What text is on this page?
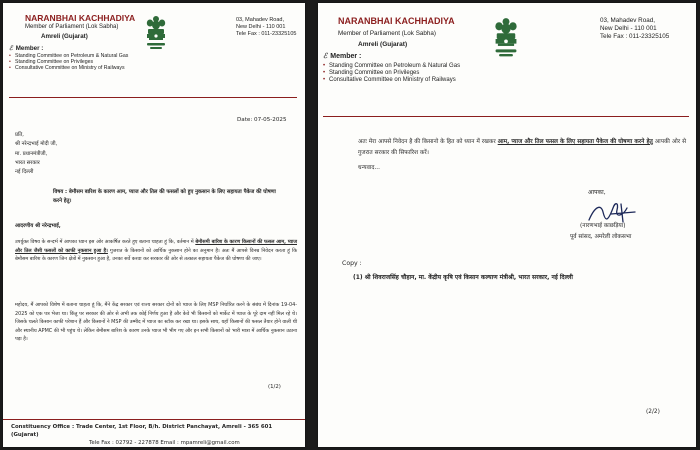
NARANBHAI KACHHADIYA
Member of Parliament (Lok Sabha)
Amreli (Gujarat)
03, Mahadev Road,
New Delhi - 110 001
Tele Fax : 011-23325105
ℰ Member :
• Standing Committee on Petroleum & Natural Gas
• Standing Committee on Privileges
• Consultative Committee on Ministry of Railways
Date: 07-05-2025
प्रति,
श्री नरेन्द्रभाई मोदी जी,
मा. प्रधानमंत्रीजी,
भारत सरकार
नई दिल्ली
विषय : बेमौसम बारिश के कारण आम, प्याज और तिल की फसलों को हुए नुकसान के लिए सहायता पैकेज की घोषणा करने हेतु।
आदरणीय श्री नरेन्द्रभाई,

उपर्युक्त विषय के सन्दर्भ में आपका ध्यान इस ओर आकर्षित करते हुए बताना चाहता हूं कि, वर्तमान में बेमौसमी बारिश के कारण किसानों की फसल आम, प्याज और तिल जैसी फसलों को काफी नुकसान हुआ है। गुजरात के किसानों को आर्थिक नुकसान होने का अनुमान है। अतः मैं आपसे विनम्र निवेदन करता हूं कि बेमौसम बारिश के कारण जिन क्षेत्रों में नुकसान हुआ है, उनका सर्वे करवा कर सरकार की ओर से तत्काल सहायता पैकेज की घोषणा की जाए।

महोदय, मैं आपको विशेष में बताना चाहता हूं कि, मैंने केंद्र सरकार एवं राज्य सरकार दोनों को प्याज के लिए MSP निर्धारित करने के संबंध में दिनांक 19-04-2025 को एक पत्र भेजा था। किंतु पर सरकार की ओर से अभी तक कोई निर्णय हुआ है और केवे भी किसानों को मार्केट में प्याज के पूरे दाम नहीं मिल रहे थे। जिसके चलते किसान काफी परेशान हैं और किसानों ने MSP की उम्मीद में प्याज का स्टॉक कर रखा था। इसके साथ, यहाँ किसानों की फसल तैयार होने वाली थी और स्थानीय APMC की भी पहुंच थे। लेकिन बेमौसम बारिश के कारण उनके प्याज भी भीग गए और इन सभी किसानों को भारी मात्रा में आर्थिक नुकसान उठाना पड़ा है।

(1/2)
Constituency Office : Trade Center, 1st Floor, B/h. District Panchayat, Amreli - 365 601 (Gujarat)
Tele Fax : 02792 - 227878 Email : mpamreli@gmail.com
NARANBHAI KACHHADIYA
Member of Parliament (Lok Sabha)
Amreli (Gujarat)
03, Mahadev Road,
New Delhi - 110 001
Tele Fax : 011-23325105
ℰ Member :
• Standing Committee on Petroleum & Natural Gas
• Standing Committee on Privileges
• Consultative Committee on Ministry of Railways

अतः मेरा आपसे निवेदन है की किसानो के हित को ध्यान में रखकर आम, प्याज और तिल फसल के लिए सहायता पैकेज की घोषणा करने हेतु आपकी ओर से गुजरात सरकार की सिफारिश करें।

धन्यवाद...
आपका,
(नारणभाई काछड़िया)
पूर्व सांसद, अमरेली लोकसभा
Copy :
(1) श्री शिवराजसिंह चौहान, मा. केंद्रीय कृषि एवं किसान कल्याण मंत्रीश्री, भारत सरकार, नई दिल्ली
(2/2)
